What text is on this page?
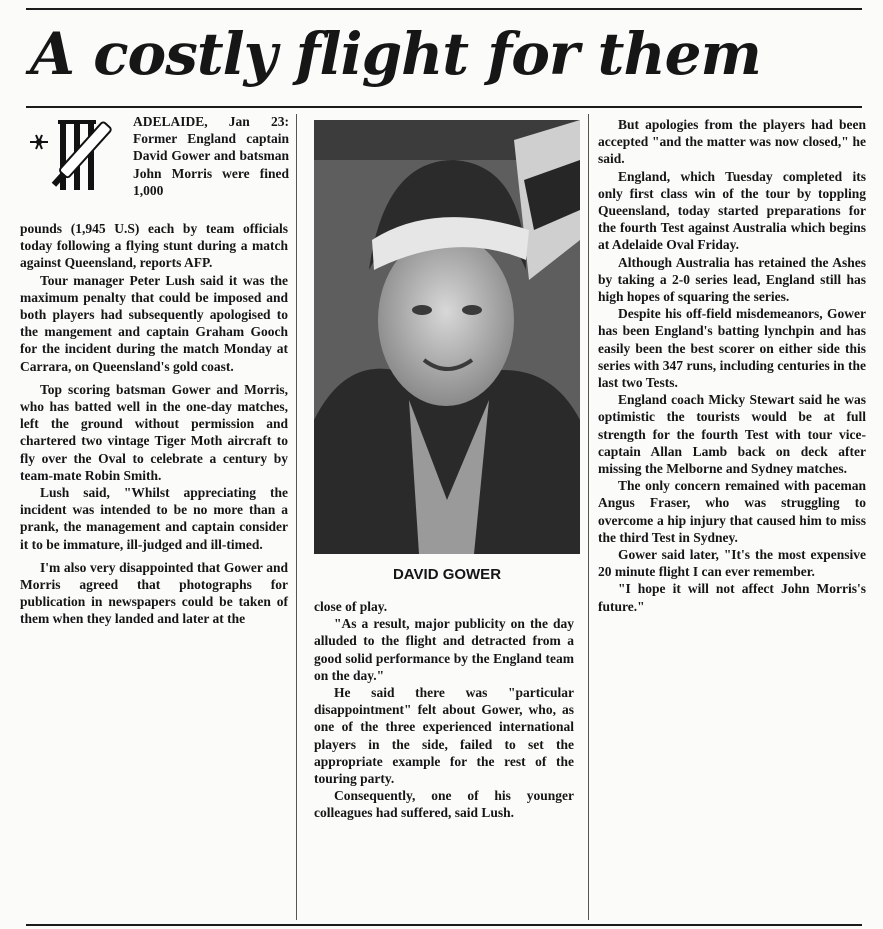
A costly flight for them

ADELAIDE, Jan 23: Former England captain David Gower and batsman John Morris were fined 1,000

pounds (1,945 U.S) each by team officials today following a flying stunt during a match against Queensland, reports AFP.

Tour manager Peter Lush said it was the maximum penalty that could be imposed and both players had subsequently apologised to the mangement and captain Graham Gooch for the incident during the match Monday at Carrara, on Queensland's gold coast.

Top scoring batsman Gower and Morris, who has batted well in the one-day matches, left the ground without permission and chartered two vintage Tiger Moth aircraft to fly over the Oval to celebrate a century by team-mate Robin Smith.

Lush said, "Whilst appreciating the incident was intended to be no more than a prank, the management and captain consider it to be immature, ill-judged and ill-timed.

I'm also very disappointed that Gower and Morris agreed that photographs for publication in newspapers could be taken of them when they landed and later at the

DAVID GOWER

close of play.

"As a result, major publicity on the day alluded to the flight and detracted from a good solid performance by the England team on the day."

He said there was "particular disappointment" felt about Gower, who, as one of the three experienced international players in the side, failed to set the appropriate example for the rest of the touring party.

Consequently, one of his younger colleagues had suffered, said Lush.

But apologies from the players had been accepted "and the matter was now closed," he said.

England, which Tuesday completed its only first class win of the tour by toppling Queensland, today started preparations for the fourth Test against Australia which begins at Adelaide Oval Friday.

Although Australia has retained the Ashes by taking a 2-0 series lead, England still has high hopes of squaring the series.

Despite his off-field misdemeanors, Gower has been England's batting lynchpin and has easily been the best scorer on either side this series with 347 runs, including centuries in the last two Tests.

England coach Micky Stewart said he was optimistic the tourists would be at full strength for the fourth Test with tour vice-captain Allan Lamb back on deck after missing the Melborne and Sydney matches.

The only concern remained with paceman Angus Fraser, who was struggling to overcome a hip injury that caused him to miss the third Test in Sydney.

Gower said later, "It's the most expensive 20 minute flight I can ever remember.

"I hope it will not affect John Morris's future."
